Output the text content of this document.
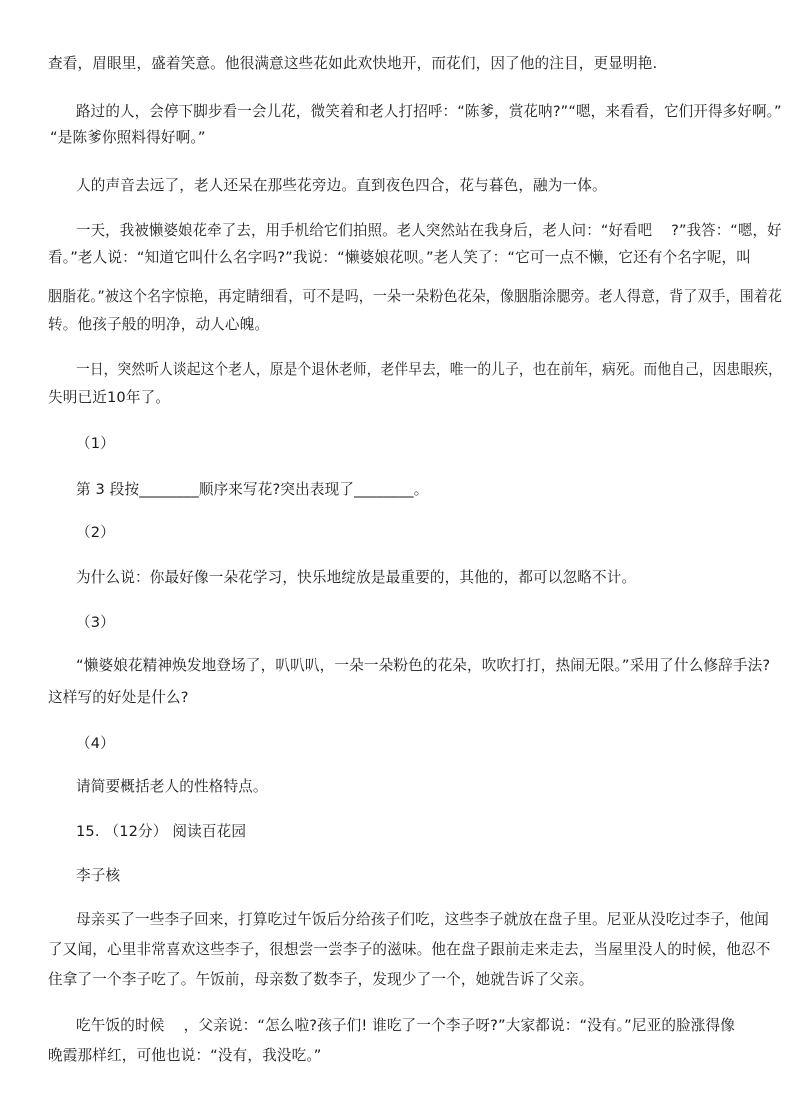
查看，眉眼里，盛着笑意。他很满意这些花如此欢快地开，而花们，因了他的注目，更显明艳.
路过的人，会停下脚步看一会儿花，微笑着和老人打招呼：“陈爹，赏花呐?”“嗯，来看看，它们开得多好啊。”
“是陈爹你照料得好啊。”
人的声音去远了，老人还呆在那些花旁边。直到夜色四合，花与暮色，融为一体。
一天，我被懒婆娘花牵了去，用手机给它们拍照。老人突然站在我身后，老人问：“好看吧    ?”我答：“嗯，好
看。”老人说：“知道它叫什么名字吗?”我说：“懒婆娘花呗。”老人笑了：“它可一点不懒，它还有个名字呢，叫
胭脂花。”被这个名字惊艳，再定睛细看，可不是吗，一朵一朵粉色花朵，像胭脂涂腮旁。老人得意，背了双手，围着花
转。他孩子般的明净，动人心魄。
一日，突然听人谈起这个老人，原是个退休老师，老伴早去，唯一的儿子，也在前年，病死。而他自己，因患眼疾，
失明已近10年了。
（1）
第 3 段按________顺序来写花?突出表现了________。
（2）
为什么说：你最好像一朵花学习，快乐地绽放是最重要的，其他的，都可以忽略不计。
（3）
“懒婆娘花精神焕发地登场了，叭叭叭，一朵一朵粉色的花朵，吹吹打打，热闹无限。”采用了什么修辞手法?
这样写的好处是什么?
（4）
请简要概括老人的性格特点。
15. （12分） 阅读百花园
李子核
母亲买了一些李子回来，打算吃过午饭后分给孩子们吃，这些李子就放在盘子里。尼亚从没吃过李子，他闻
了又闻，心里非常喜欢这些李子，很想尝一尝李子的滋味。他在盘子跟前走来走去，当屋里没人的时候，他忍不
住拿了一个李子吃了。午饭前，母亲数了数李子，发现少了一个，她就告诉了父亲。
吃午饭的时候    ，父亲说：“怎么啦?孩子们! 谁吃了一个李子呀?”大家都说：“没有。”尼亚的脸涨得像
晚霞那样红，可他也说：“没有，我没吃。”
